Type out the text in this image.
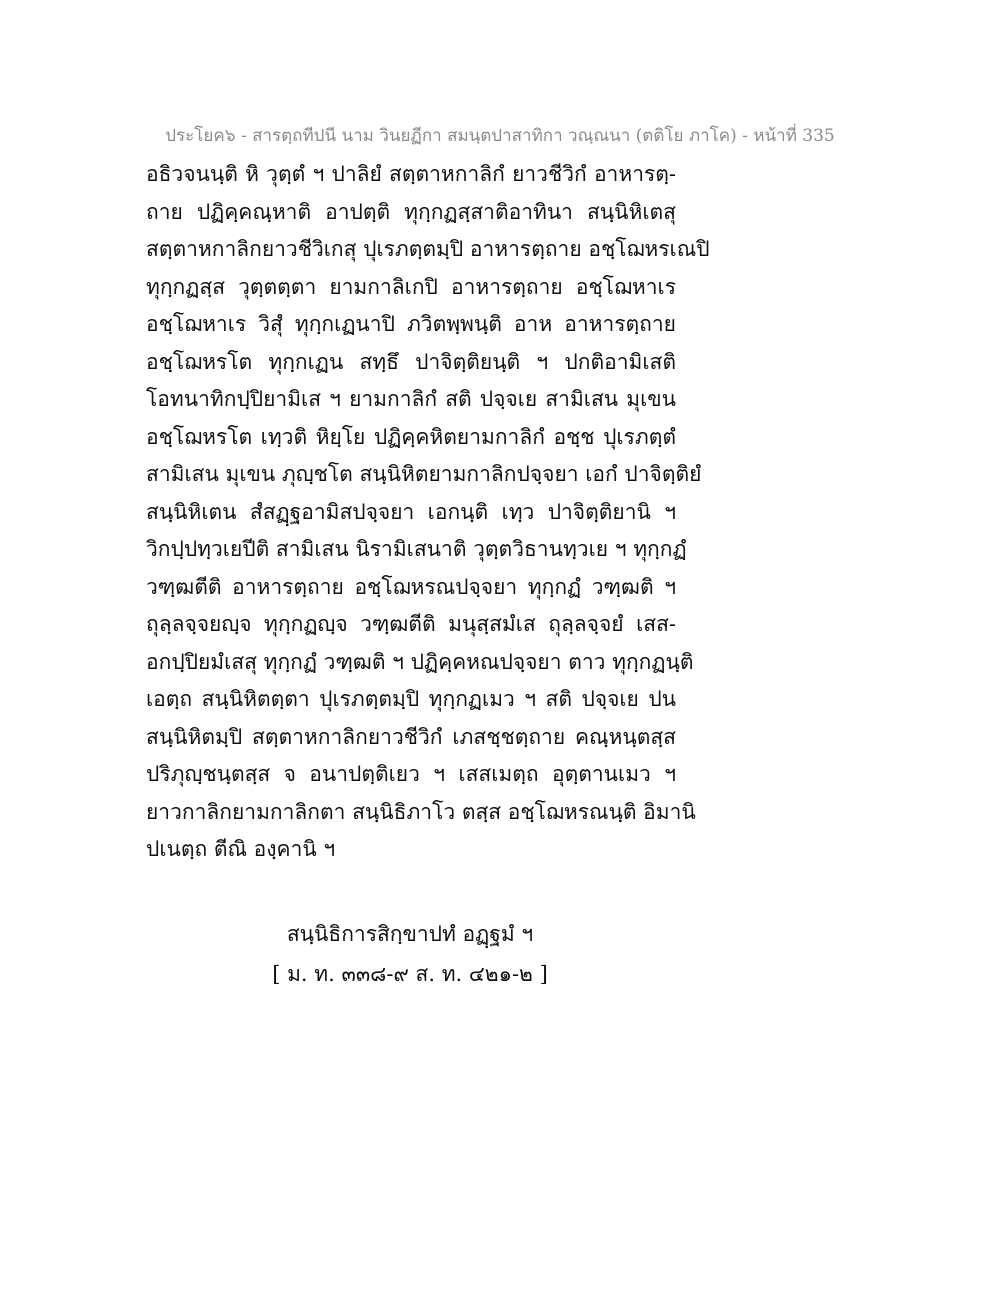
ประโยค๖ - สารตฺถทีปนี นาม วินยฏีกา สมนฺตปาสาทิกา วณฺณนา (ตติโย ภาโค) - หน้าที่ 335
อธิวจนนฺติ หิ วุตฺตํ ฯ ปาลิยํ สตฺตาหกาลิกํ ยาวชีวิกํ อาหารตฺ-
ถาย ปฏิคฺคณฺหาติ อาปตฺติ ทุกฺกฏสฺสาติอาทินา สนฺนิหิเตสุ
สตฺตาหกาลิกยาวชีวิเกสุ ปุเรภตฺตมฺปิ อาหารตฺถาย อชฺโฌหรเณปิ
ทุกฺกฏสฺส วุตฺตตฺตา ยามกาลิเกปิ อาหารตฺถาย อชฺโฌหาเร
อชฺโฌหาเร วิสุํ ทุกฺกเฏนาปิ ภวิตพฺพนฺติ อาห อาหารตฺถาย
อชฺโฌหรโต ทุกฺกเฏน สทฺธึ ปาจิตฺติยนฺติ ฯ ปกติอามิเสติ
โอทนาทิกปฺปิยามิเส ฯ ยามกาลิกํ สติ ปจฺจเย สามิเสน มุเขน
อชฺโฌหรโต เทฺวติ หิยฺโย ปฏิคฺคหิตยามกาลิกํ อชฺช ปุเรภตฺตํ
สามิเสน มุเขน ภุญฺชโต สนฺนิหิตยามกาลิกปจฺจยา เอกํ ปาจิตฺติยํ
สนฺนิหิเตน สํสฏฺฐอามิสปจฺจยา เอกนฺติ เทฺว ปาจิตฺติยานิ ฯ
วิกปฺปทฺวเยปีติ สามิเสน นิรามิเสนาติ วุตฺตวิธานทฺวเย ฯ ทุกฺกฏํ
วฑฺฒตีติ อาหารตฺถาย อชฺโฌหรณปจฺจยา ทุกฺกฏํ วฑฺฒติ ฯ
ถุลฺลจฺจยญฺจ ทุกฺกฏญฺจ วฑฺฒตีติ มนุสฺสมํเส ถุลฺลจฺจยํ เสส-
อกปฺปิยมํเสสุ ทุกฺกฏํ วฑฺฒติ ฯ ปฏิคฺคหณปจฺจยา ตาว ทุกฺกฏนฺติ
เอตฺถ สนฺนิหิตตฺตา ปุเรภตฺตมฺปิ ทุกฺกฏเมว ฯ สติ ปจฺจเย ปน
สนฺนิหิตมฺปิ สตฺตาหกาลิกยาวชีวิกํ เภสชฺชตฺถาย คณฺหนฺตสฺส
ปริภุญฺชนฺตสฺส จ อนาปตฺติเยว ฯ เสสเมตฺถ อุตฺตานเมว ฯ
ยาวกาลิกยามกาลิกตา สนฺนิธิภาโว ตสฺส อชฺโฌหรณนฺติ อิมานิ
ปเนตฺถ ตีณิ องฺคานิ ฯ
สนฺนิธิการสิกฺขาปทํ อฏฺฐมํ ฯ
[ ม. ท. ๓๓๘-๙ ส. ท. ๔๒๑-๒ ]
